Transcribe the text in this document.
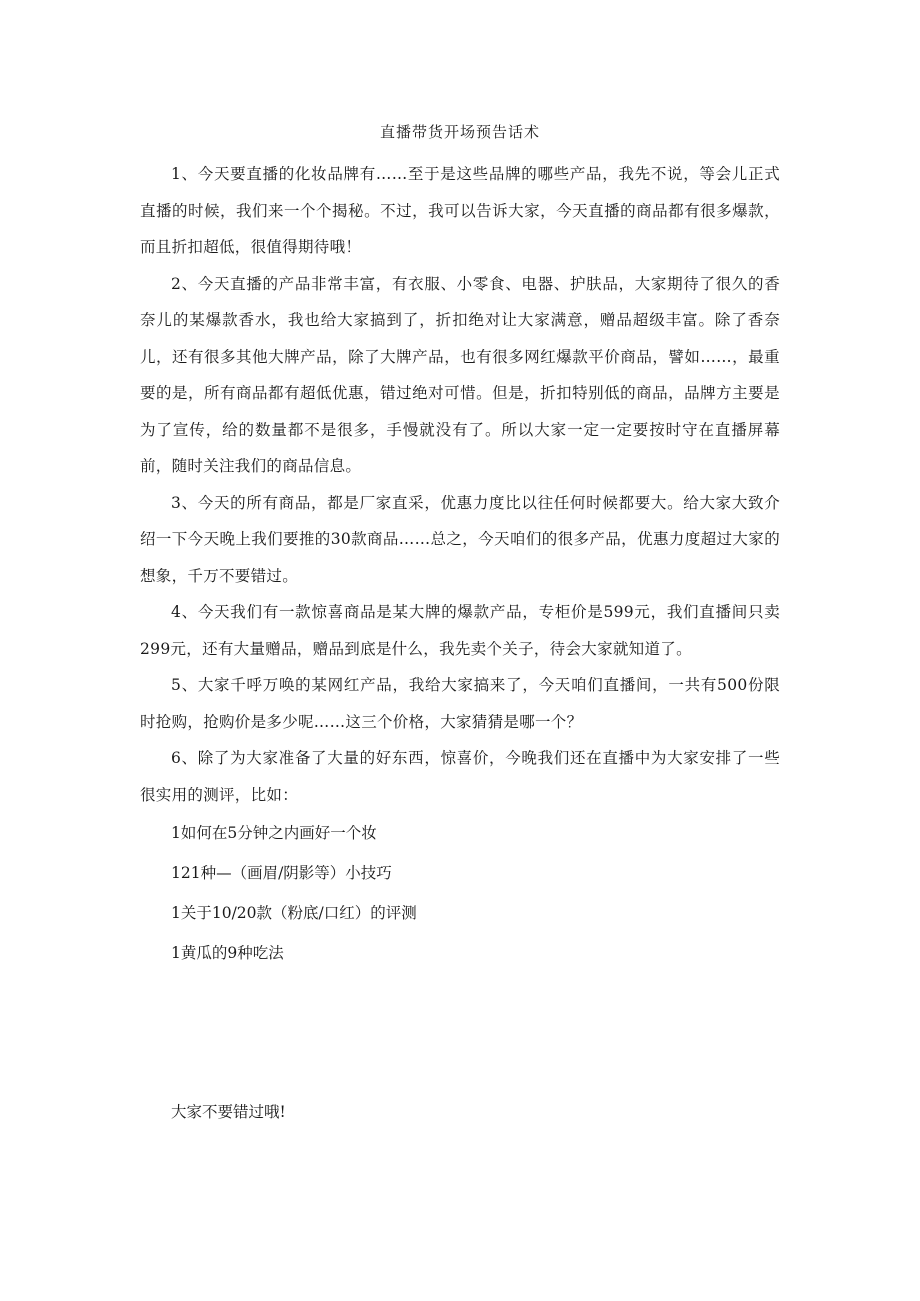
直播带货开场预告话术

1、今天要直播的化妆品牌有……至于是这些品牌的哪些产品，我先不说，等会儿正式直播的时候，我们来一个个揭秘。不过，我可以告诉大家，今天直播的商品都有很多爆款，而且折扣超低，很值得期待哦！

2、今天直播的产品非常丰富，有衣服、小零食、电器、护肤品，大家期待了很久的香奈儿的某爆款香水，我也给大家搞到了，折扣绝对让大家满意，赠品超级丰富。除了香奈儿，还有很多其他大牌产品，除了大牌产品，也有很多网红爆款平价商品，譬如……，最重要的是，所有商品都有超低优惠，错过绝对可惜。但是，折扣特别低的商品，品牌方主要是为了宣传，给的数量都不是很多，手慢就没有了。所以大家一定一定要按时守在直播屏幕前，随时关注我们的商品信息。

3、今天的所有商品，都是厂家直采，优惠力度比以往任何时候都要大。给大家大致介绍一下今天晚上我们要推的30款商品……总之，今天咱们的很多产品，优惠力度超过大家的想象，千万不要错过。

4、今天我们有一款惊喜商品是某大牌的爆款产品，专柜价是599元，我们直播间只卖299元，还有大量赠品，赠品到底是什么，我先卖个关子，待会大家就知道了。

5、大家千呼万唤的某网红产品，我给大家搞来了，今天咱们直播间，一共有500份限时抢购，抢购价是多少呢……这三个价格，大家猜猜是哪一个？

6、除了为大家准备了大量的好东西，惊喜价，今晚我们还在直播中为大家安排了一些很实用的测评，比如：

1如何在5分钟之内画好一个妆
121种—（画眉/阴影等）小技巧
1关于10/20款（粉底/口红）的评测
1黄瓜的9种吃法
大家不要错过哦!
